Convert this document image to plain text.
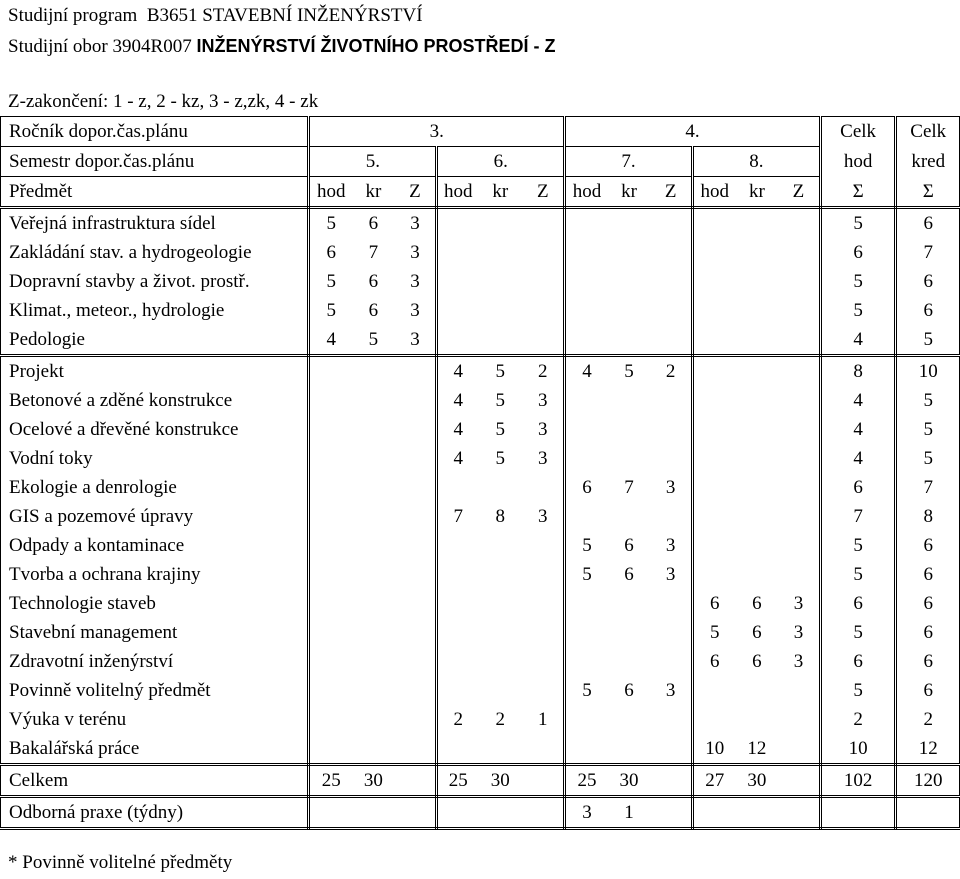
Studijní program B3651 STAVEBNÍ INŽENÝRSTVÍ
Studijní obor 3904R007 INŽENÝRSTVÍ ŽIVOTNÍHO PROSTŘEDÍ - Z
Z-zakončení: 1 - z, 2 - kz, 3 - z,zk, 4 - zk
Ročník dopor.čas.plánu	3.						4.						Celk	Celk
Semestr dopor.čas.plánu	5.			6.			7.			8.			hod	kred
Předmět	hod	kr	Z	hod	kr	Z	hod	kr	Z	hod	kr	Z	Σ	Σ
Veřejná infrastruktura sídel	5	6	3										5	6
Zakládání stav. a hydrogeologie	6	7	3										6	7
Dopravní stavby a život. prostř.	5	6	3										5	6
Klimat., meteor., hydrologie	5	6	3										5	6
Pedologie	4	5	3										4	5
Projekt				4	5	2	4	5	2				8	10
Betonové a zděné konstrukce				4	5	3							4	5
Ocelové a dřevěné konstrukce				4	5	3							4	5
Vodní toky				4	5	3							4	5
Ekologie a denrologie							6	7	3				6	7
GIS a pozemové úpravy				7	8	3							7	8
Odpady a kontaminace							5	6	3				5	6
Tvorba a ochrana krajiny							5	6	3				5	6
Technologie staveb										6	6	3	6	6
Stavební management										5	6	3	5	6
Zdravotní inženýrství										6	6	3	6	6
Povinně volitelný předmět							5	6	3				5	6
Výuka v terénu				2	2	1							2	2
Bakalářská práce										10	12		10	12
Celkem	25	30		25	30		25	30		27	30		102	120
Odborná praxe (týdny)							3	1						
* Povinně volitelné předměty
